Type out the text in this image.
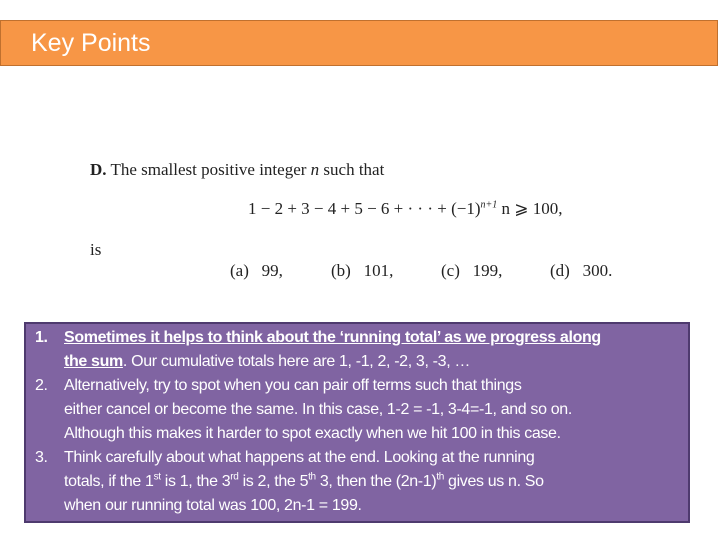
Key Points
D. The smallest positive integer n such that
1 − 2 + 3 − 4 + 5 − 6 + · · · + $(-1)^{n+1}$ n ⩾ 100,
is
(a)   99,	(b)   101,	(c)   199,	(d)   300.
1. Sometimes it helps to think about the ‘running total’ as we progress along
the sum. Our cumulative totals here are 1, -1, 2, -2, 3, -3, …
2. Alternatively, try to spot when you can pair off terms such that things
either cancel or become the same. In this case, 1-2 = -1, 3-4=-1, and so on.
Although this makes it harder to spot exactly when we hit 100 in this case.
3. Think carefully about what happens at the end. Looking at the running
totals, if the 1st is 1, the 3rd is 2, the 5th 3, then the $(2n-1)^{th}$ gives us n. So
when our running total was 100, 2n-1 = 199.
